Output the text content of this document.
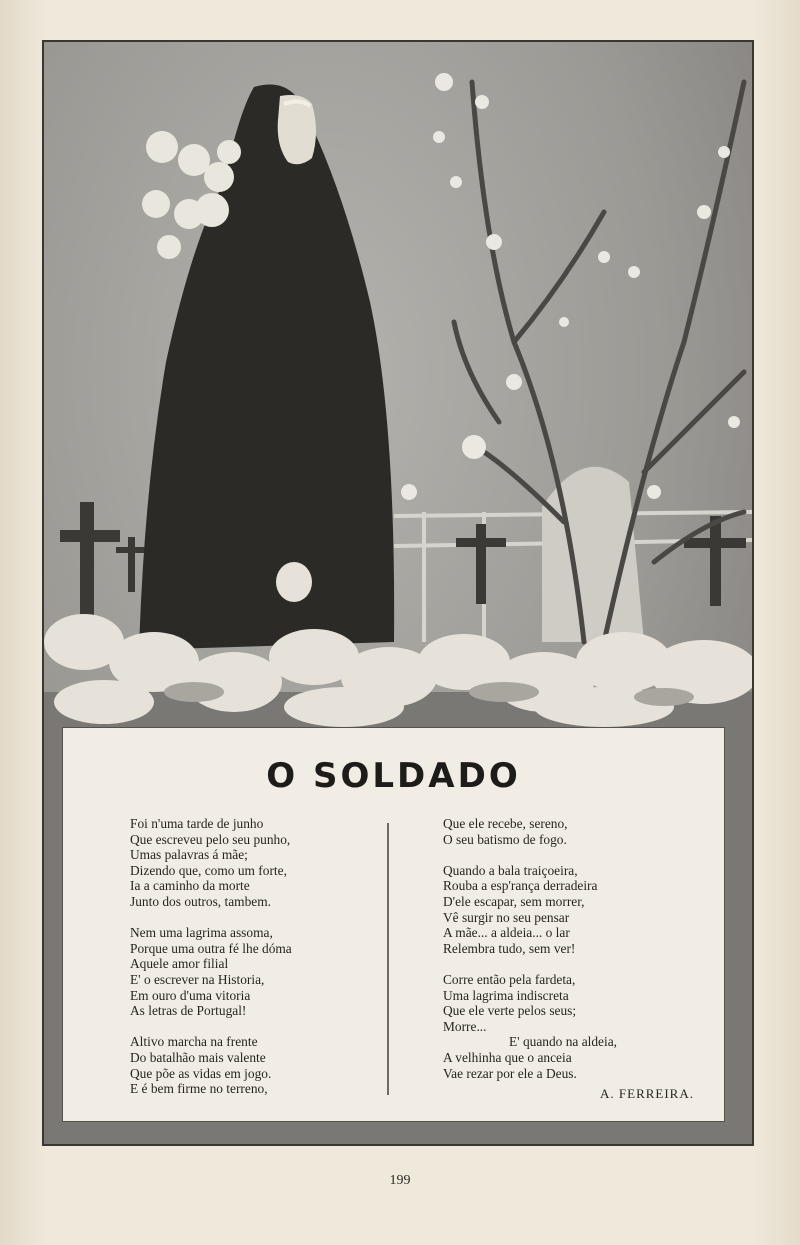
O SOLDADO
Foi n'uma tarde de junho
Que escreveu pelo seu punho,
Umas palavras á mãe;
Dizendo que, como um forte,
Ia a caminho da morte
Junto dos outros, tambem.
Nem uma lagrima assoma,
Porque uma outra fé lhe dóma
Aquele amor filial
E' o escrever na Historia,
Em ouro d'uma vitoria
As letras de Portugal!
Altivo marcha na frente
Do batalhão mais valente
Que põe as vidas em jogo.
E é bem firme no terreno,
Que ele recebe, sereno,
O seu batismo de fogo.
Quando a bala traiçoeira,
Rouba a esp'rança derradeira
D'ele escapar, sem morrer,
Vê surgir no seu pensar
A mãe... a aldeia... o lar
Relembra tudo, sem ver!
Corre então pela fardeta,
Uma lagrima indiscreta
Que ele verte pelos seus;
Morre...
E' quando na aldeia,
A velhinha que o anceia
Vae rezar por ele a Deus.
A. FERREIRA.
199
